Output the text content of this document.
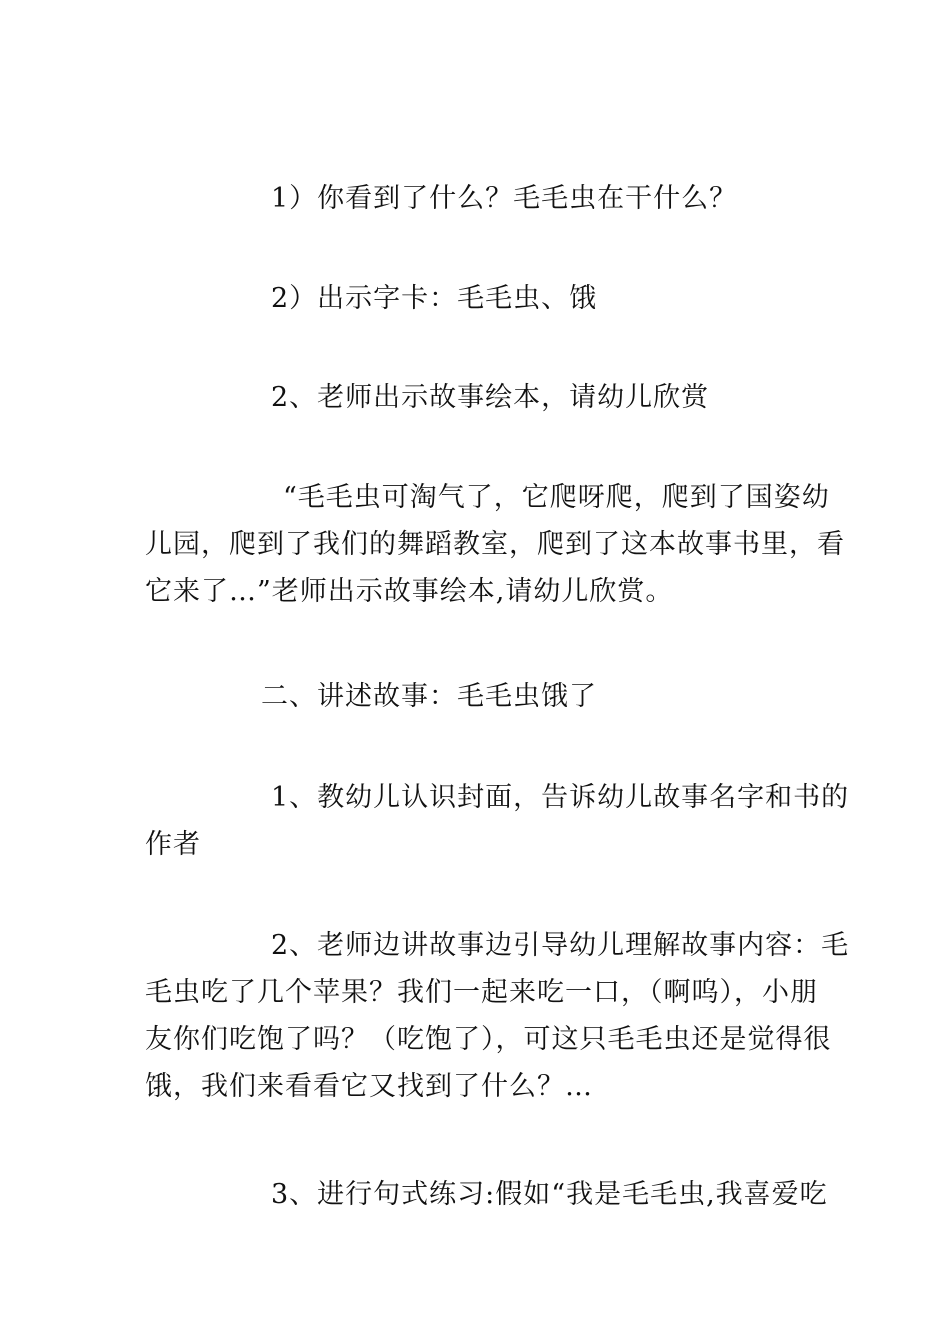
1）你看到了什么？毛毛虫在干什么？

2）出示字卡：毛毛虫、饿

2、老师出示故事绘本，请幼儿欣赏

“毛毛虫可淘气了，它爬呀爬，爬到了国姿幼
儿园，爬到了我们的舞蹈教室，爬到了这本故事书里，看
它来了…”老师出示故事绘本,请幼儿欣赏。

二、讲述故事：毛毛虫饿了

1、教幼儿认识封面，告诉幼儿故事名字和书的
作者

2、老师边讲故事边引导幼儿理解故事内容：毛
毛虫吃了几个苹果？我们一起来吃一口，（啊呜），小朋
友你们吃饱了吗？（吃饱了），可这只毛毛虫还是觉得很
饿，我们来看看它又找到了什么？…

3、进行句式练习:假如“我是毛毛虫,我喜爱吃
